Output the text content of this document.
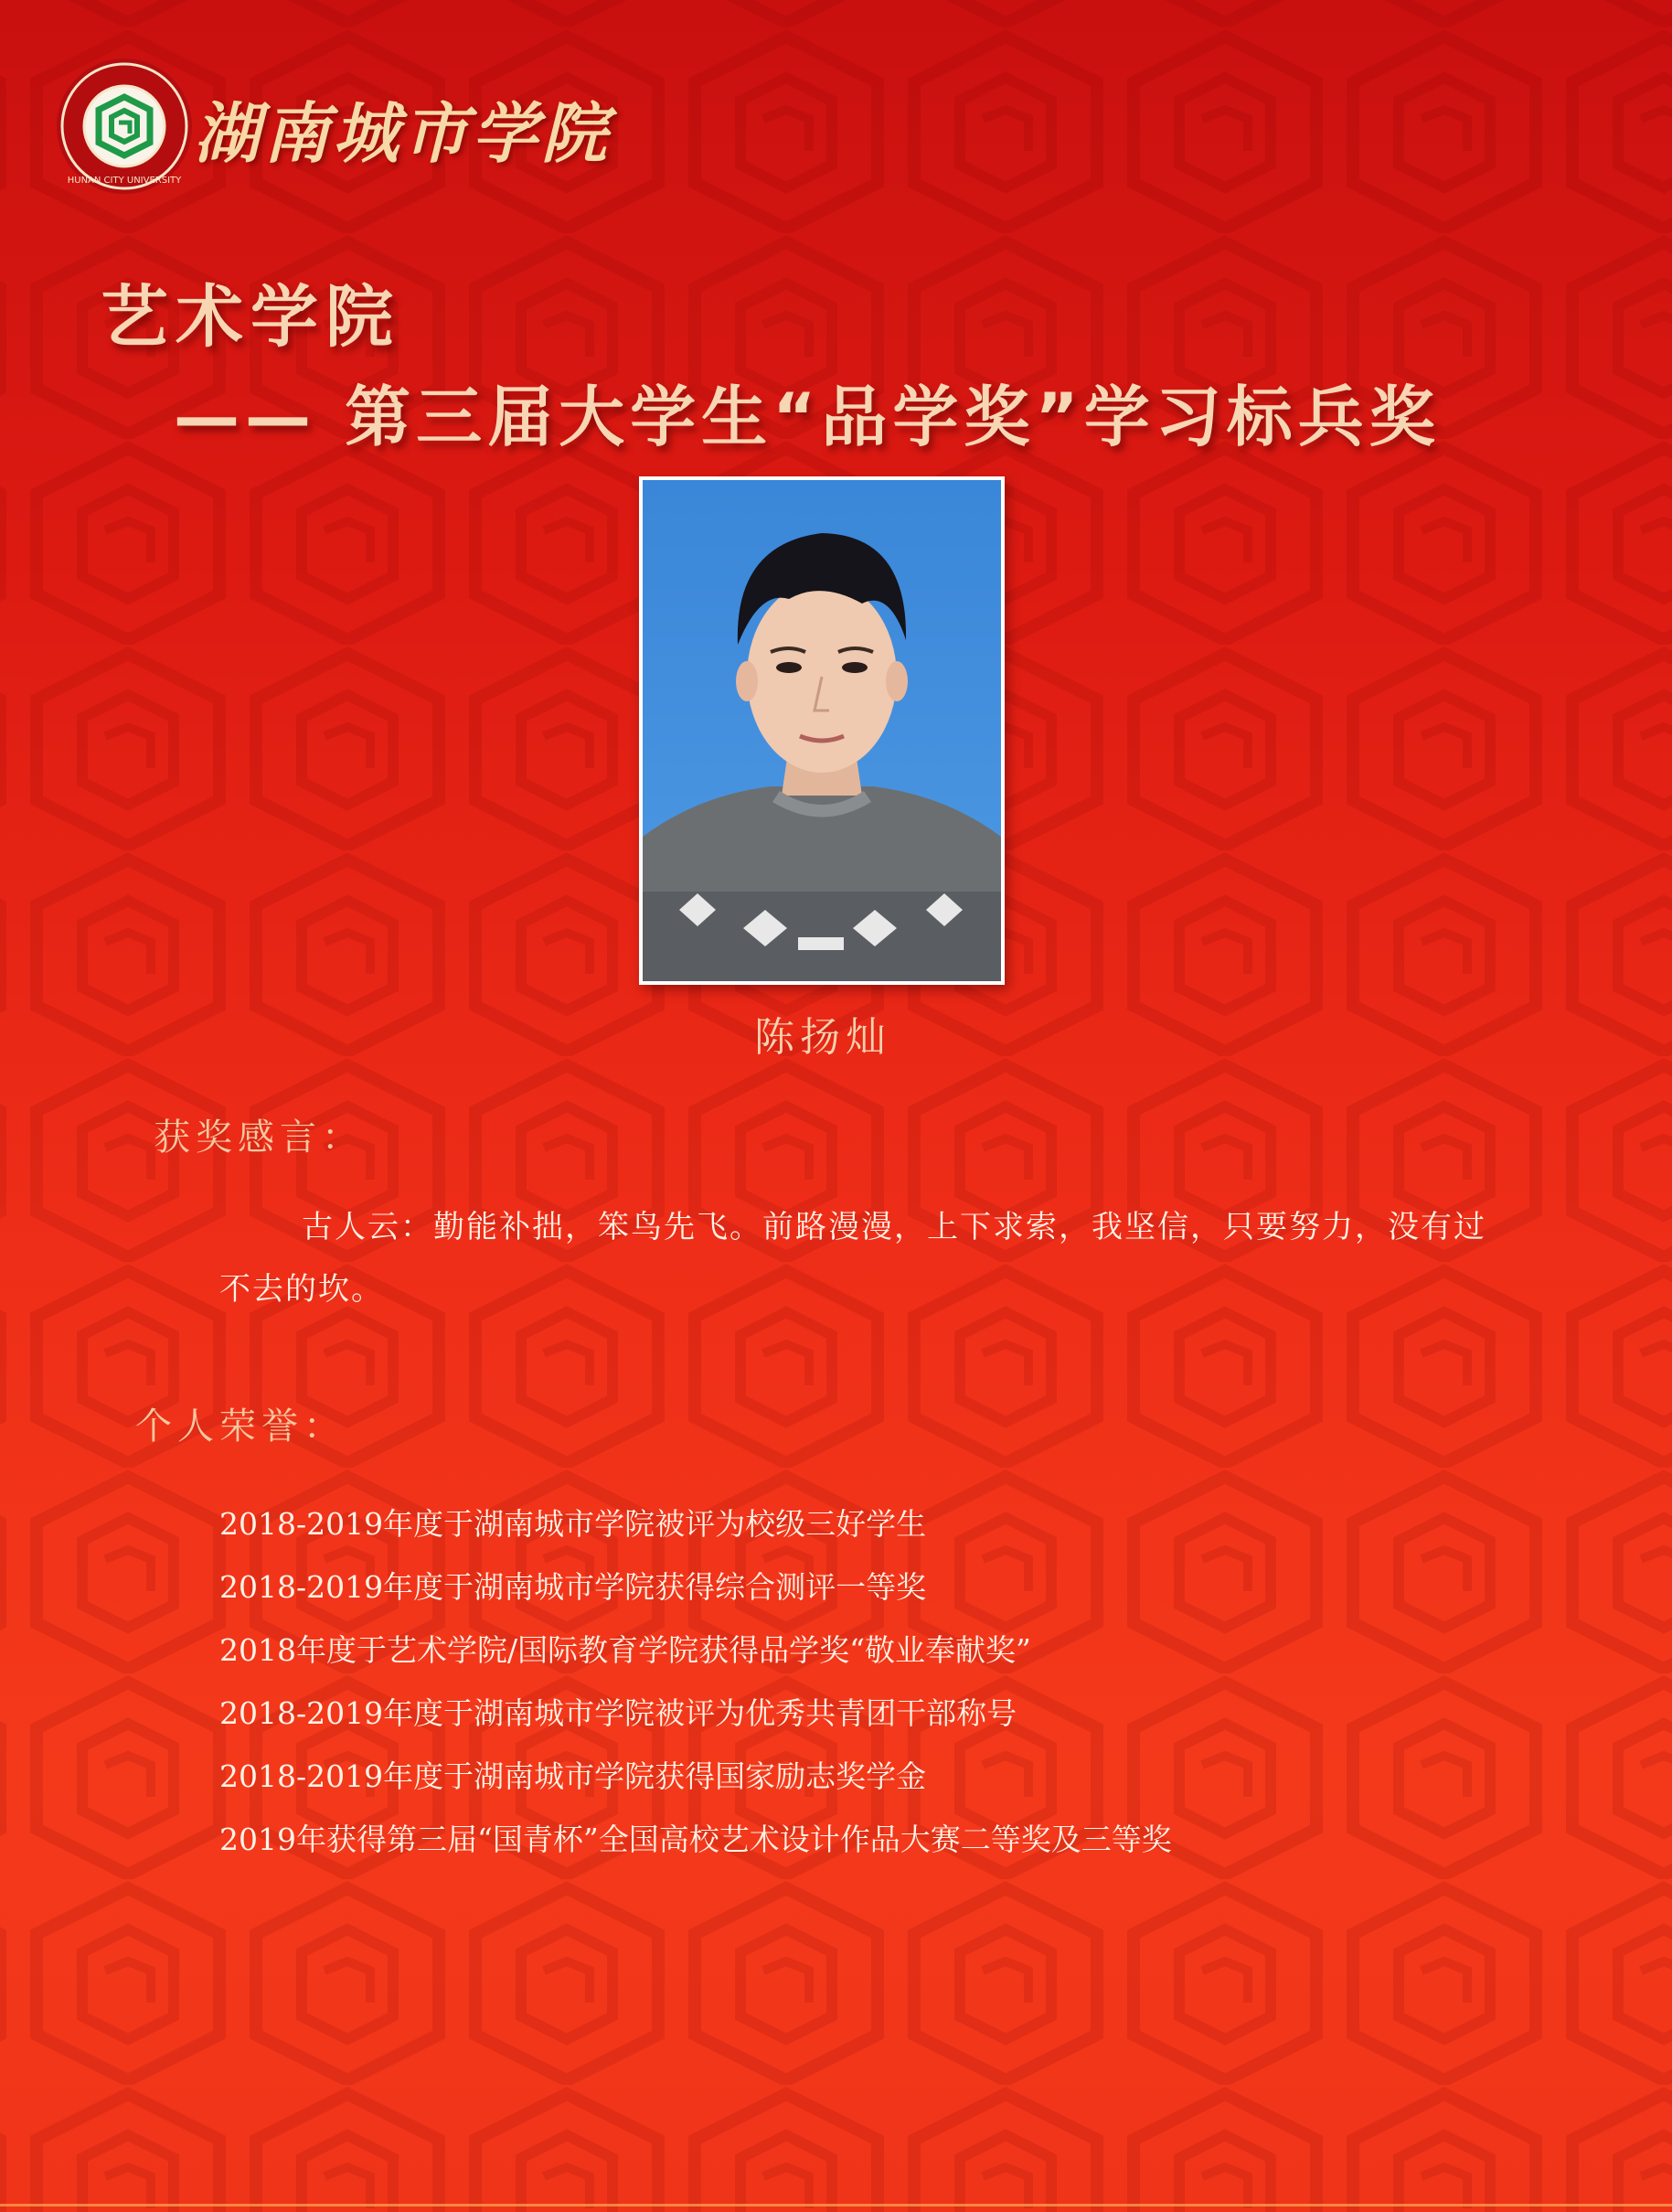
HUNAN CITY UNIVERSITY
湖南城市学院
艺术学院
—— 第三届大学生“品学奖”学习标兵奖
陈扬灿
获奖感言：
古人云：勤能补拙，笨鸟先飞。前路漫漫，上下求索，我坚信，只要努力，没有过不去的坎。
个人荣誉：
2018-2019年度于湖南城市学院被评为校级三好学生
2018-2019年度于湖南城市学院获得综合测评一等奖
2018年度于艺术学院/国际教育学院获得品学奖“敬业奉献奖”
2018-2019年度于湖南城市学院被评为优秀共青团干部称号
2018-2019年度于湖南城市学院获得国家励志奖学金
2019年获得第三届“国青杯”全国高校艺术设计作品大赛二等奖及三等奖
